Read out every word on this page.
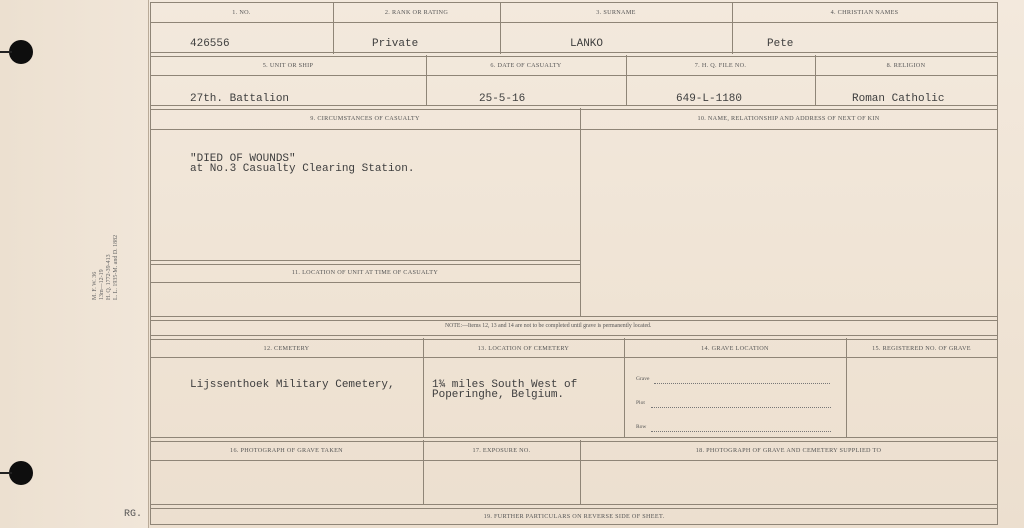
M. F. W. 36
13m—12-19
H. Q. 1772-39-413
L. L. 1935-M. and D. 1882
RG.
1. NO.	2. RANK OR RATING	3. SURNAME	4. CHRISTIAN NAMES
426556	Private	LANKO	Pete
5. UNIT OR SHIP	6. DATE OF CASUALTY	7. H. Q. FILE NO.	8. RELIGION
27th. Battalion	25-5-16	649-L-1180	Roman Catholic
9. CIRCUMSTANCES OF CASUALTY	10. NAME, RELATIONSHIP AND ADDRESS OF NEXT OF KIN
"DIED OF WOUNDS"
at No.3 Casualty Clearing Station.
11. LOCATION OF UNIT AT TIME OF CASUALTY
NOTE:—Items 12, 13 and 14 are not to be completed until grave is permanently located.
12. CEMETERY	13. LOCATION OF CEMETERY	14. GRAVE LOCATION	15. REGISTERED NO. OF GRAVE
Lijssenthoek Military Cemetery,	1¾ miles South West of
Poperinghe, Belgium.
Grave
Plot
Row
16. PHOTOGRAPH OF GRAVE TAKEN	17. EXPOSURE NO.	18. PHOTOGRAPH OF GRAVE AND CEMETERY SUPPLIED TO
19. FURTHER PARTICULARS ON REVERSE SIDE OF SHEET.
